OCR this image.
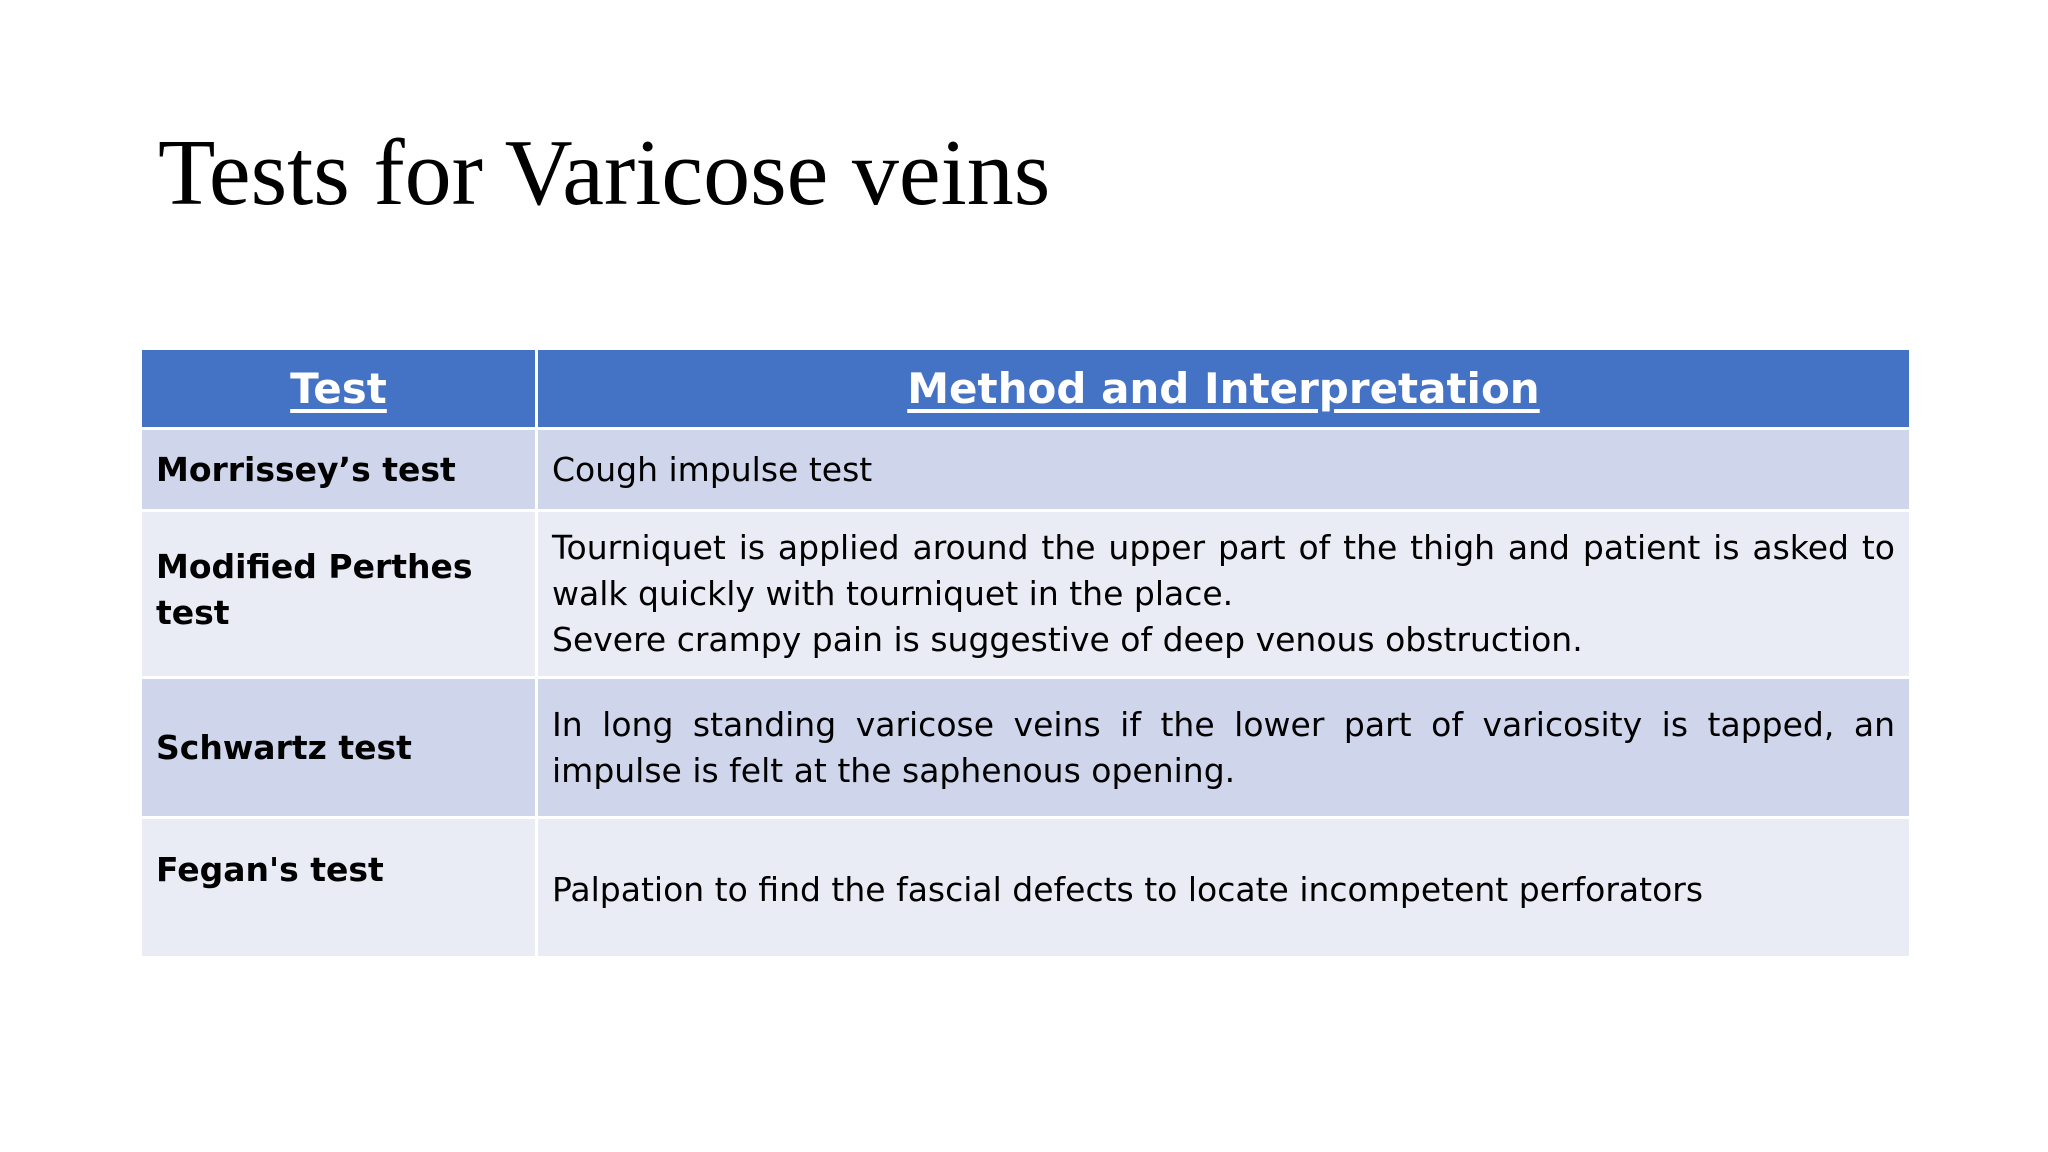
Tests for Varicose veins
Test	Method and Interpretation
Morrissey’s test	Cough impulse test

Modified Perthes test	Tourniquet is applied around the upper part of the thigh and patient is asked to walk quickly with tourniquet in the place.
Severe crampy pain is suggestive of deep venous obstruction.

Schwartz test	In long standing varicose veins if the lower part of varicosity is tapped, an impulse is felt at the saphenous opening.

Fegan's test	Palpation to find the fascial defects to locate incompetent perforators
